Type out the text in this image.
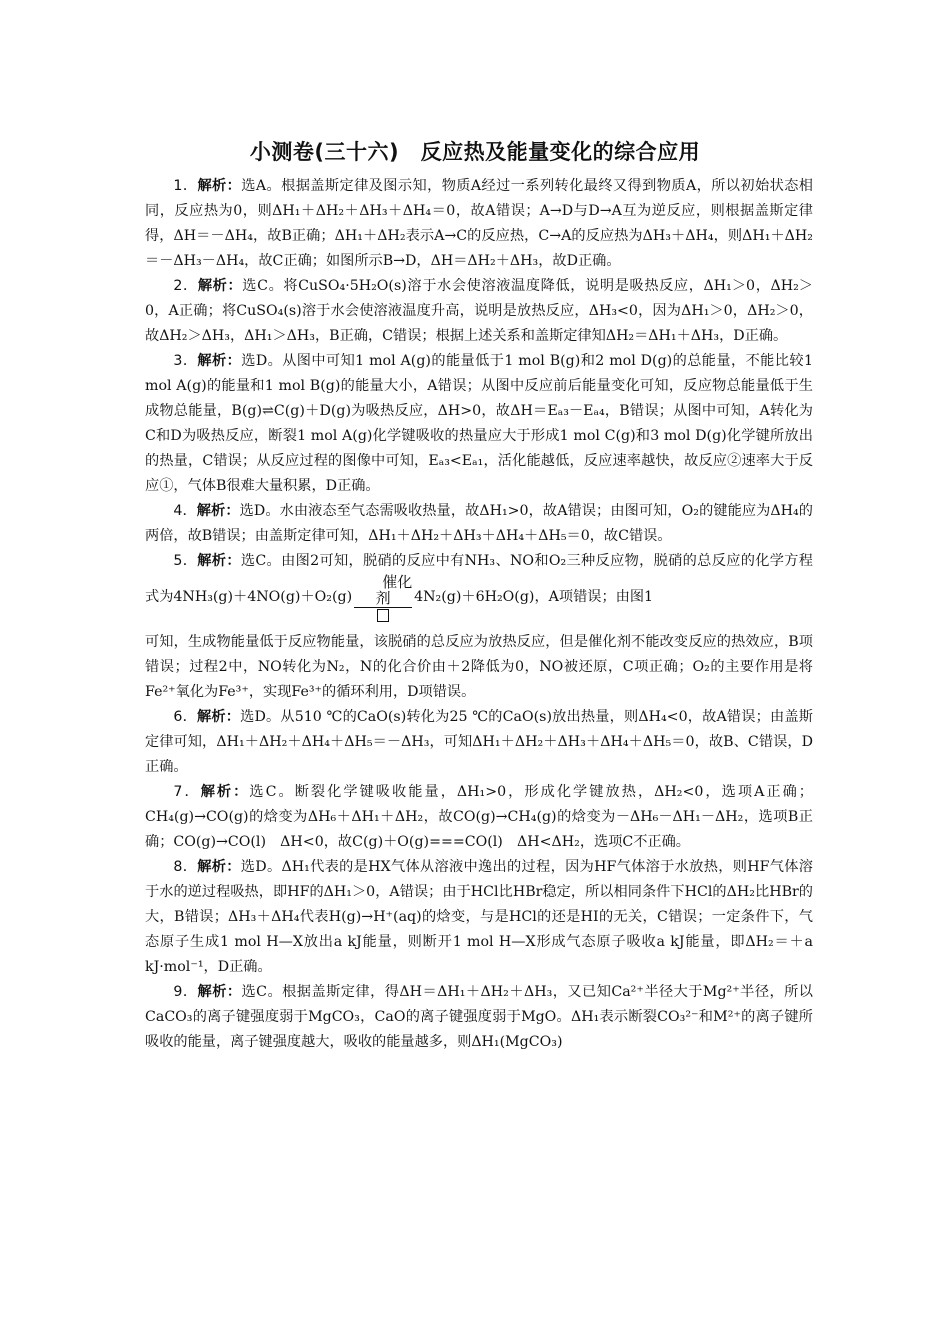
小测卷(三十六)　反应热及能量变化的综合应用

1．解析：选A。根据盖斯定律及图示知，物质A经过一系列转化最终又得到物质A，所以初始状态相同，反应热为0，则ΔH₁＋ΔH₂＋ΔH₃＋ΔH₄＝0，故A错误；A→D与D→A互为逆反应，则根据盖斯定律得，ΔH＝－ΔH₄，故B正确；ΔH₁＋ΔH₂表示A→C的反应热，C→A的反应热为ΔH₃＋ΔH₄，则ΔH₁＋ΔH₂＝－ΔH₃－ΔH₄，故C正确；如图所示B→D，ΔH＝ΔH₂＋ΔH₃，故D正确。

2．解析：选C。将CuSO₄·5H₂O(s)溶于水会使溶液温度降低，说明是吸热反应，ΔH₁＞0，ΔH₂＞0，A正确；将CuSO₄(s)溶于水会使溶液温度升高，说明是放热反应，ΔH₃<0，因为ΔH₁＞0，ΔH₂＞0，故ΔH₂＞ΔH₃，ΔH₁＞ΔH₃，B正确，C错误；根据上述关系和盖斯定律知ΔH₂＝ΔH₁＋ΔH₃，D正确。

3．解析：选D。从图中可知1 mol A(g)的能量低于1 mol B(g)和2 mol D(g)的总能量，不能比较1 mol A(g)的能量和1 mol B(g)的能量大小，A错误；从图中反应前后能量变化可知，反应物总能量低于生成物总能量，B(g)⇌C(g)＋D(g)为吸热反应，ΔH>0，故ΔH＝Eₐ₃－Eₐ₄，B错误；从图中可知，A转化为C和D为吸热反应，断裂1 mol A(g)化学键吸收的热量应大于形成1 mol C(g)和3 mol D(g)化学键所放出的热量，C错误；从反应过程的图像中可知，Eₐ₃<Eₐ₁，活化能越低，反应速率越快，故反应②速率大于反应①，气体B很难大量积累，D正确。

4．解析：选D。水由液态至气态需吸收热量，故ΔH₁>0，故A错误；由图可知，O₂的键能应为ΔH₄的两倍，故B错误；由盖斯定律可知，ΔH₁＋ΔH₂＋ΔH₃＋ΔH₄＋ΔH₅＝0，故C错误。

5．解析：选C。由图2可知，脱硝的反应中有NH₃、NO和O₂三种反应物，脱硝的总反应的化学方程式为4NH₃(g)＋4NO(g)＋O₂(g)
催化剂	4N₂(g)＋6H₂O(g)，A项错误；由图1
可知，生成物能量低于反应物能量，该脱硝的总反应为放热反应，但是催化剂不能改变反应的热效应，B项错误；过程2中，NO转化为N₂，N的化合价由＋2降低为0，NO被还原，C项正确；O₂的主要作用是将Fe²⁺氧化为Fe³⁺，实现Fe³⁺的循环利用，D项错误。

6．解析：选D。从510 ℃的CaO(s)转化为25 ℃的CaO(s)放出热量，则ΔH₄<0，故A错误；由盖斯定律可知，ΔH₁＋ΔH₂＋ΔH₄＋ΔH₅＝－ΔH₃，可知ΔH₁＋ΔH₂＋ΔH₃＋ΔH₄＋ΔH₅＝0，故B、C错误，D正确。

7．解析：选C。断裂化学键吸收能量，ΔH₁>0，形成化学键放热，ΔH₂<0，选项A正确；CH₄(g)→CO(g)的焓变为ΔH₆＋ΔH₁＋ΔH₂，故CO(g)→CH₄(g)的焓变为－ΔH₆－ΔH₁－ΔH₂，选项B正确；CO(g)→CO(l)　ΔH<0，故C(g)＋O(g)===CO(l)　ΔH<ΔH₂，选项C不正确。

8．解析：选D。ΔH₁代表的是HX气体从溶液中逸出的过程，因为HF气体溶于水放热，则HF气体溶于水的逆过程吸热，即HF的ΔH₁＞0，A错误；由于HCl比HBr稳定，所以相同条件下HCl的ΔH₂比HBr的大，B错误；ΔH₃＋ΔH₄代表H(g)→H⁺(aq)的焓变，与是HCl的还是HI的无关，C错误；一定条件下，气态原子生成1 mol H—X放出a kJ能量，则断开1 mol H—X形成气态原子吸收a kJ能量，即ΔH₂＝＋a kJ·mol⁻¹，D正确。

9．解析：选C。根据盖斯定律，得ΔH＝ΔH₁＋ΔH₂＋ΔH₃，又已知Ca²⁺半径大于Mg²⁺半径，所以CaCO₃的离子键强度弱于MgCO₃，CaO的离子键强度弱于MgO。ΔH₁表示断裂CO₃²⁻和M²⁺的离子键所吸收的能量，离子键强度越大，吸收的能量越多，则ΔH₁(MgCO₃)
